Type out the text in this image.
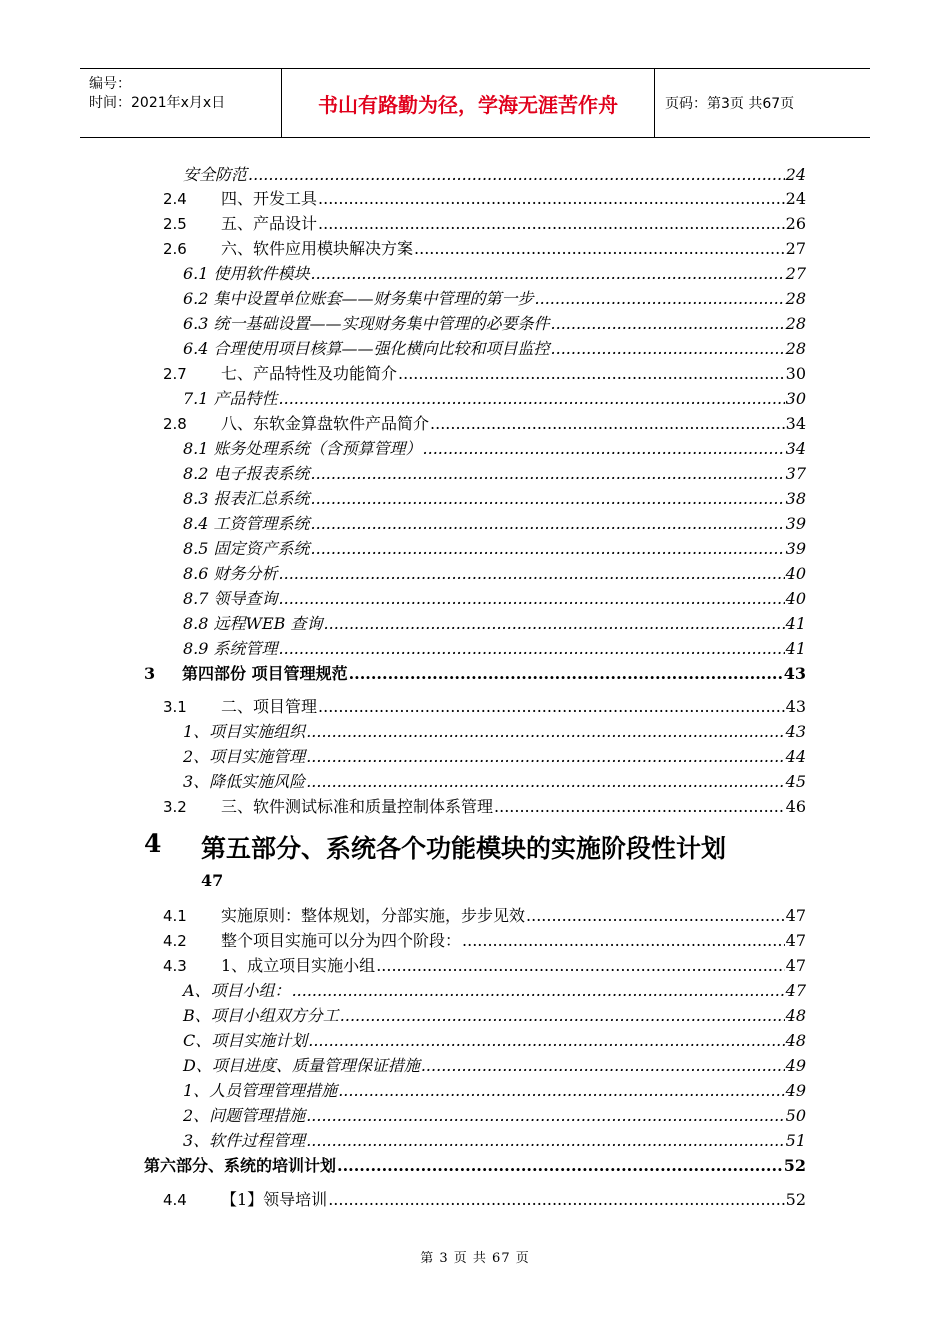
编号：
时间：2021年x月x日	书山有路勤为径，学海无涯苦作舟	页码：第3页 共67页
安全防范 .....	24
2.4	四、开发工具 .....	24
2.5	五、产品设计 .....	26
2.6	六、软件应用模块解决方案 .....	27
6.1 使用软件模块 .....	27
6.2 集中设置单位账套——财务集中管理的第一步 .....	28
6.3 统一基础设置——实现财务集中管理的必要条件 .....	28
6.4 合理使用项目核算——强化横向比较和项目监控 .....	28
2.7	七、产品特性及功能简介 .....	30
7.1 产品特性 .....	30
2.8	八、东软金算盘软件产品简介 .....	34
8.1 账务处理系统（含预算管理） .....	34
8.2 电子报表系统 .....	37
8.3 报表汇总系统 .....	38
8.4 工资管理系统 .....	39
8.5 固定资产系统 .....	39
8.6 财务分析 .....	40
8.7 领导查询 .....	40
8.8 远程WEB 查询 .....	41
8.9 系统管理 .....	41
3	第四部份 项目管理规范 .....	43
3.1	二、项目管理 .....	43
1、项目实施组织 .....	43
2、项目实施管理 .....	44
3、降低实施风险 .....	45
3.2	三、软件测试标准和质量控制体系管理 .....	46
4	第五部分、系统各个功能模块的实施阶段性计划
47
4.1	实施原则：整体规划，分部实施，步步见效 .....	47
4.2	整个项目实施可以分为四个阶段： .....	47
4.3	1、成立项目实施小组 .....	47
A、项目小组： .....	47
B、项目小组双方分工 .....	48
C、项目实施计划 .....	48
D、项目进度、质量管理保证措施 .....	49
1、人员管理管理措施 .....	49
2、问题管理措施 .....	50
3、软件过程管理 .....	51
第六部分、系统的培训计划 .....	52
4.4	【1】领导培训 .....	52
第 3 页 共 67 页
